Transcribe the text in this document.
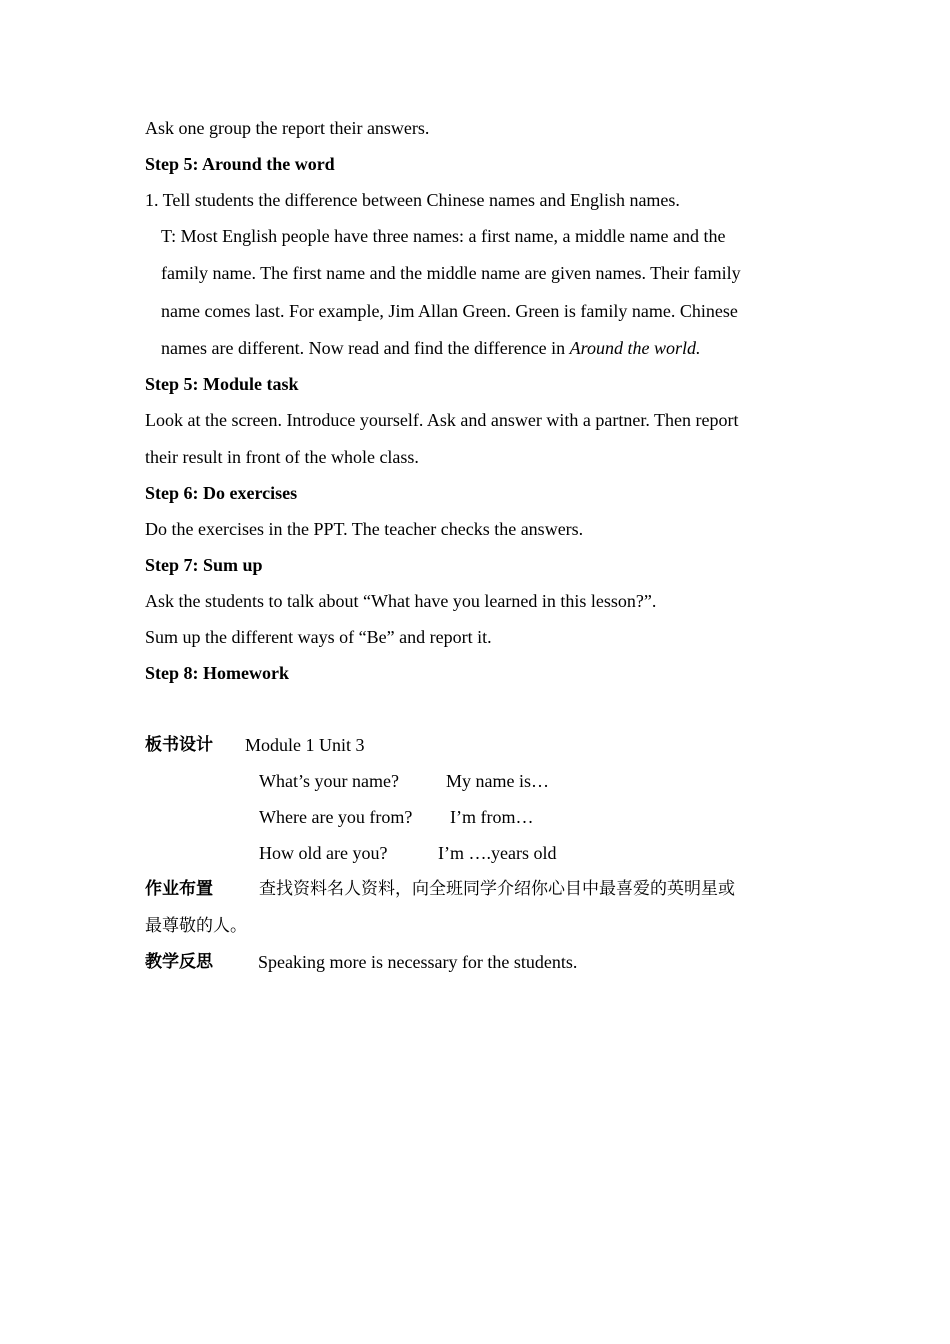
Ask one group the report their answers.
Step 5: Around the word
1. Tell students the difference between Chinese names and English names.
T: Most English people have three names: a first name, a middle name and the
family name. The first name and the middle name are given names. Their family
name comes last. For example, Jim Allan Green. Green is family name. Chinese
names are different. Now read and find the difference in Around the world.
Step 5: Module task
Look at the screen. Introduce yourself. Ask and answer with a partner. Then report
their result in front of the whole class.
Step 6: Do exercises
Do the exercises in the PPT. The teacher checks the answers.
Step 7: Sum up
Ask the students to talk about “What have you learned in this lesson?”.
Sum up the different ways of “Be” and report it.
Step 8: Homework
板书设计 Module 1 Unit 3
What’s your name?	My name is…
Where are you from? I’m from…
How old are you?	I’m ….years old
作业布置	查找资料名人资料，向全班同学介绍你心目中最喜爱的英明星或
最尊敬的人。
教学反思	Speaking more is necessary for the students.
